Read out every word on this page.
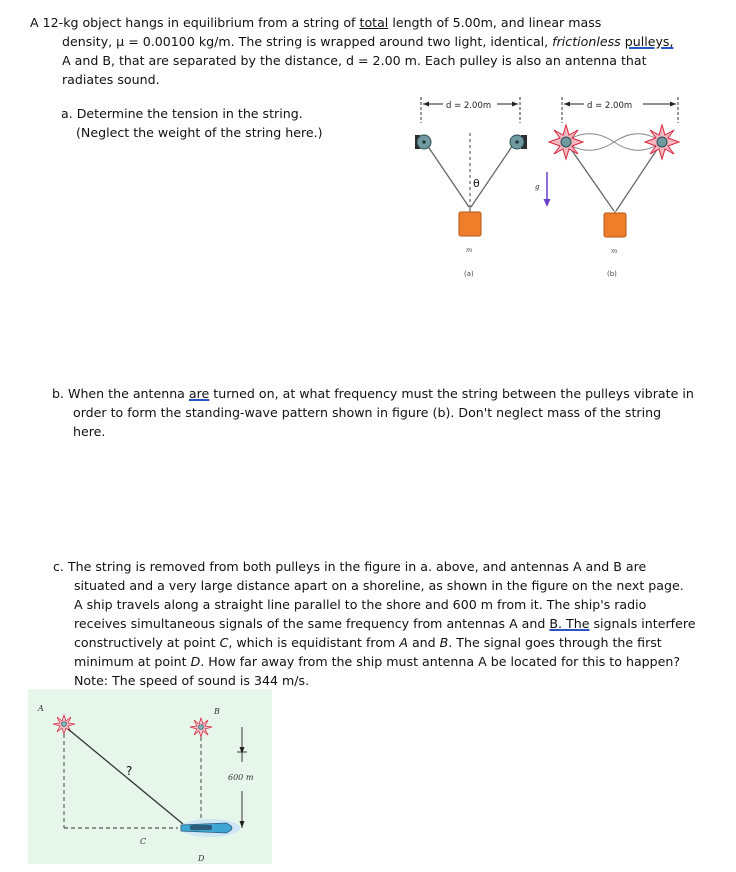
A 12-kg object hangs in equilibrium from a string of total length of 5.00m, and linear mass
density, μ = 0.00100 kg/m. The string is wrapped around two light, identical, frictionless pulleys,
A and B, that are separated by the distance, d = 2.00 m. Each pulley is also an antenna that
radiates sound.
a. Determine the tension in the string.
(Neglect the weight of the string here.)
d = 2.00m	d = 2.00m
θ
m
(a)
g
m
(b)
b. When the antenna are turned on, at what frequency must the string between the pulleys vibrate in
order to form the standing-wave pattern shown in figure (b). Don't neglect mass of the string
here.
c. The string is removed from both pulleys in the figure in a. above, and antennas A and B are
situated and a very large distance apart on a shoreline, as shown in the figure on the next page.
A ship travels along a straight line parallel to the shore and 600 m from it. The ship's radio
receives simultaneous signals of the same frequency from antennas A and B. The signals interfere
constructively at point C, which is equidistant from A and B. The signal goes through the first
minimum at point D. How far away from the ship must antenna A be located for this to happen?
Note: The speed of sound is 344 m/s.
A	B
?	600 m
C
D
